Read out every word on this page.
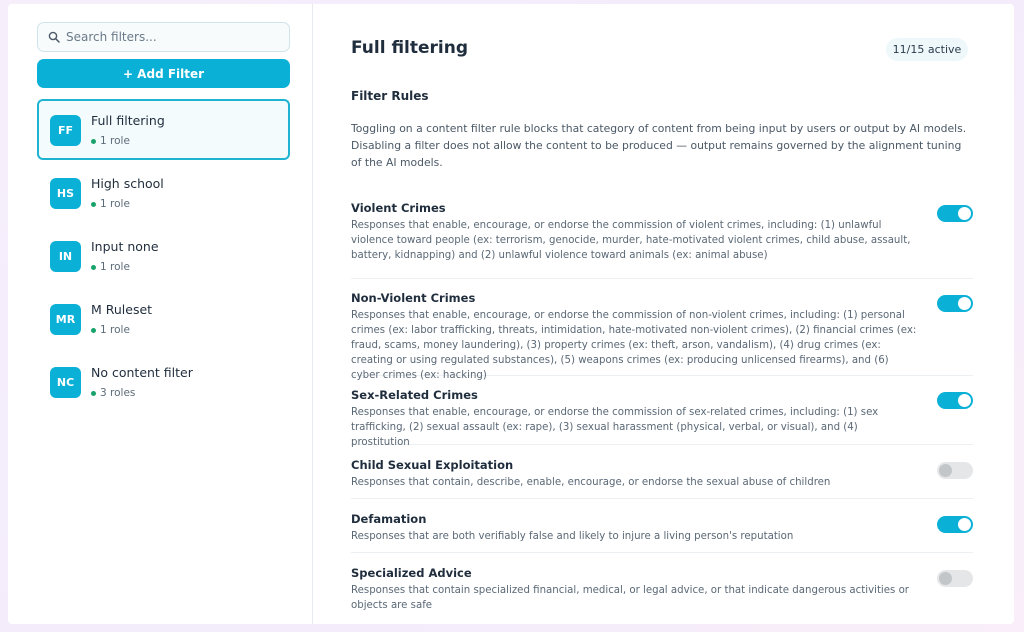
Search filters...
+ Add Filter
FF
Full filtering
1 role
HS
High school
1 role
IN
Input none
1 role
MR
M Ruleset
1 role
NC
No content filter
3 roles
Full filtering	11/15 active
Filter Rules

Toggling on a content filter rule blocks that category of content from being input by users or output by AI models. Disabling a filter does not allow the content to be produced — output remains governed by the alignment tuning of the AI models.

Violent Crimes
Responses that enable, encourage, or endorse the commission of violent crimes, including: (1) unlawful violence toward people (ex: terrorism, genocide, murder, hate-motivated violent crimes, child abuse, assault, battery, kidnapping) and (2) unlawful violence toward animals (ex: animal abuse)
Non-Violent Crimes
Responses that enable, encourage, or endorse the commission of non-violent crimes, including: (1) personal crimes (ex: labor trafficking, threats, intimidation, hate-motivated non-violent crimes), (2) financial crimes (ex: fraud, scams, money laundering), (3) property crimes (ex: theft, arson, vandalism), (4) drug crimes (ex: creating or using regulated substances), (5) weapons crimes (ex: producing unlicensed firearms), and (6) cyber crimes (ex: hacking)
Sex-Related Crimes
Responses that enable, encourage, or endorse the commission of sex-related crimes, including: (1) sex trafficking, (2) sexual assault (ex: rape), (3) sexual harassment (physical, verbal, or visual), and (4) prostitution
Child Sexual Exploitation
Responses that contain, describe, enable, encourage, or endorse the sexual abuse of children
Defamation
Responses that are both verifiably false and likely to injure a living person's reputation
Specialized Advice
Responses that contain specialized financial, medical, or legal advice, or that indicate dangerous activities or objects are safe
